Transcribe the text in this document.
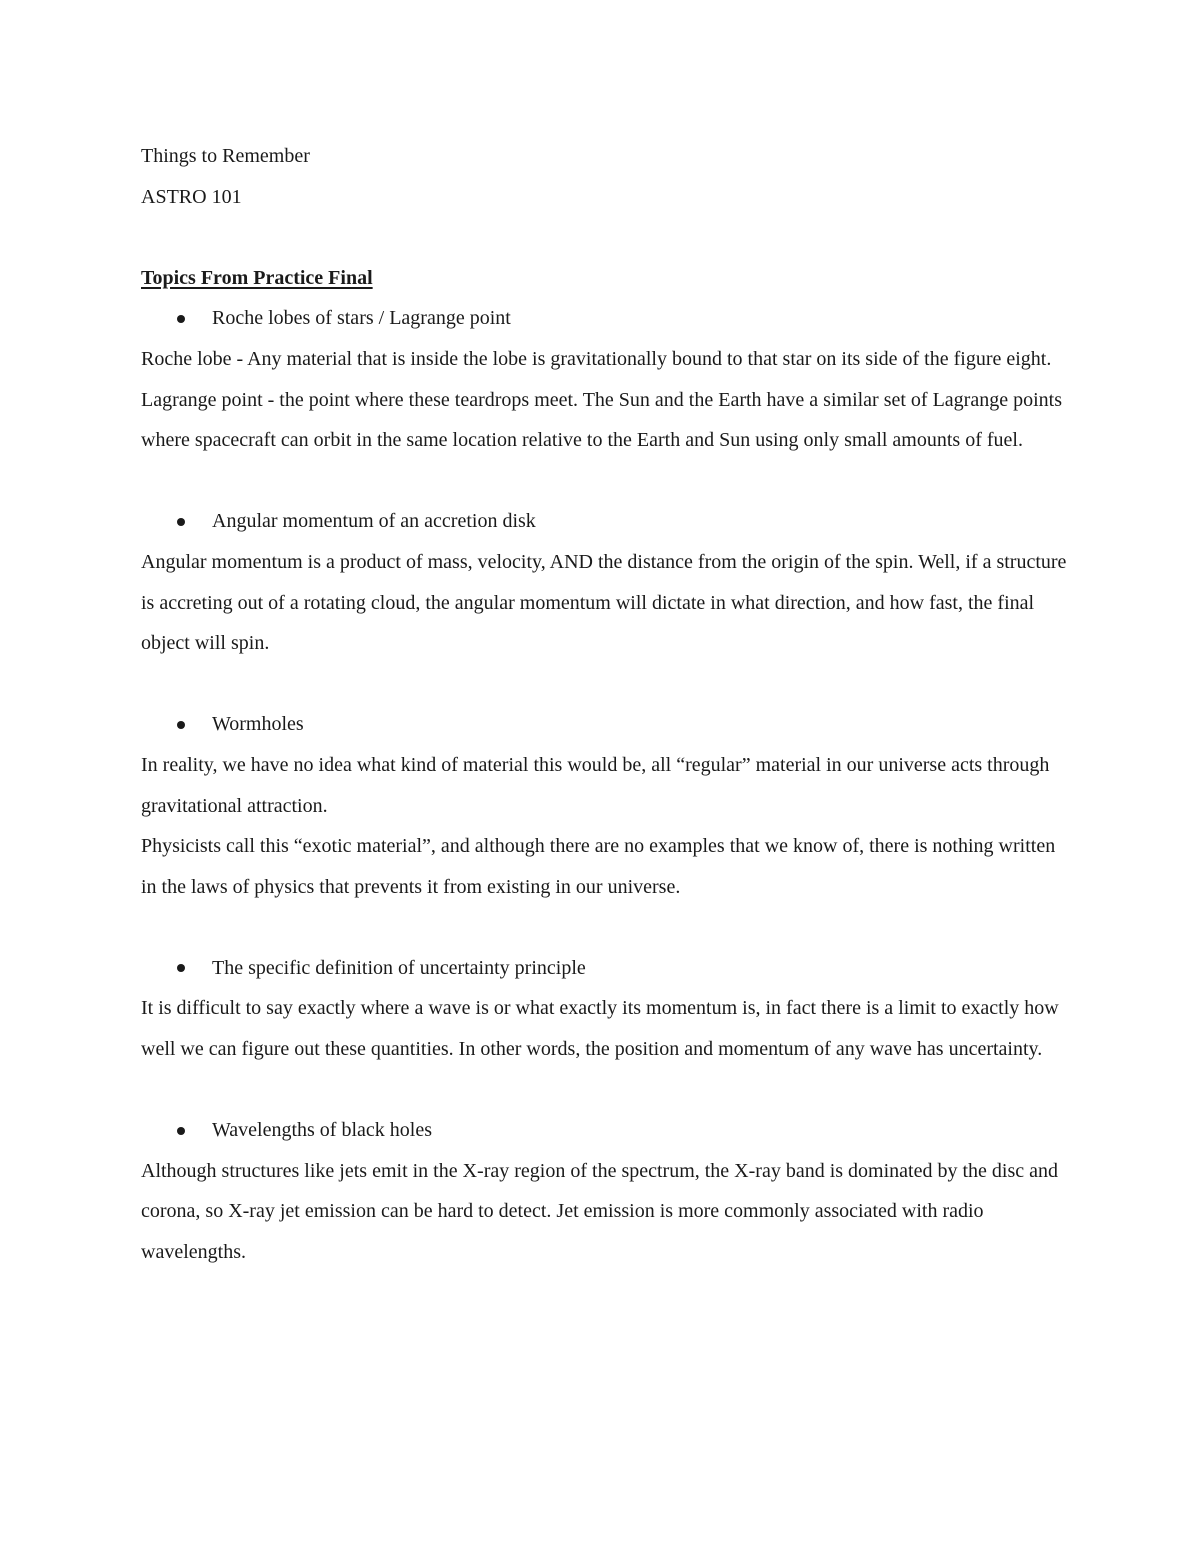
Things to Remember

ASTRO 101

Topics From Practice Final

Roche lobes of stars / Lagrange point

Roche lobe - Any material that is inside the lobe is gravitationally bound to that star on its side of the figure eight.

Lagrange point - the point where these teardrops meet. The Sun and the Earth have a similar set of Lagrange points where spacecraft can orbit in the same location relative to the Earth and Sun using only small amounts of fuel.

Angular momentum of an accretion disk

Angular momentum is a product of mass, velocity, AND the distance from the origin of the spin. Well, if a structure is accreting out of a rotating cloud, the angular momentum will dictate in what direction, and how fast, the final object will spin.

Wormholes

In reality, we have no idea what kind of material this would be, all “regular” material in our universe acts through gravitational attraction.

Physicists call this “exotic material”, and although there are no examples that we know of, there is nothing written in the laws of physics that prevents it from existing in our universe.

The specific definition of uncertainty principle

It is difficult to say exactly where a wave is or what exactly its momentum is, in fact there is a limit to exactly how well we can figure out these quantities. In other words, the position and momentum of any wave has uncertainty.

Wavelengths of black holes

Although structures like jets emit in the X-ray region of the spectrum, the X-ray band is dominated by the disc and corona, so X-ray jet emission can be hard to detect. Jet emission is more commonly associated with radio wavelengths.
